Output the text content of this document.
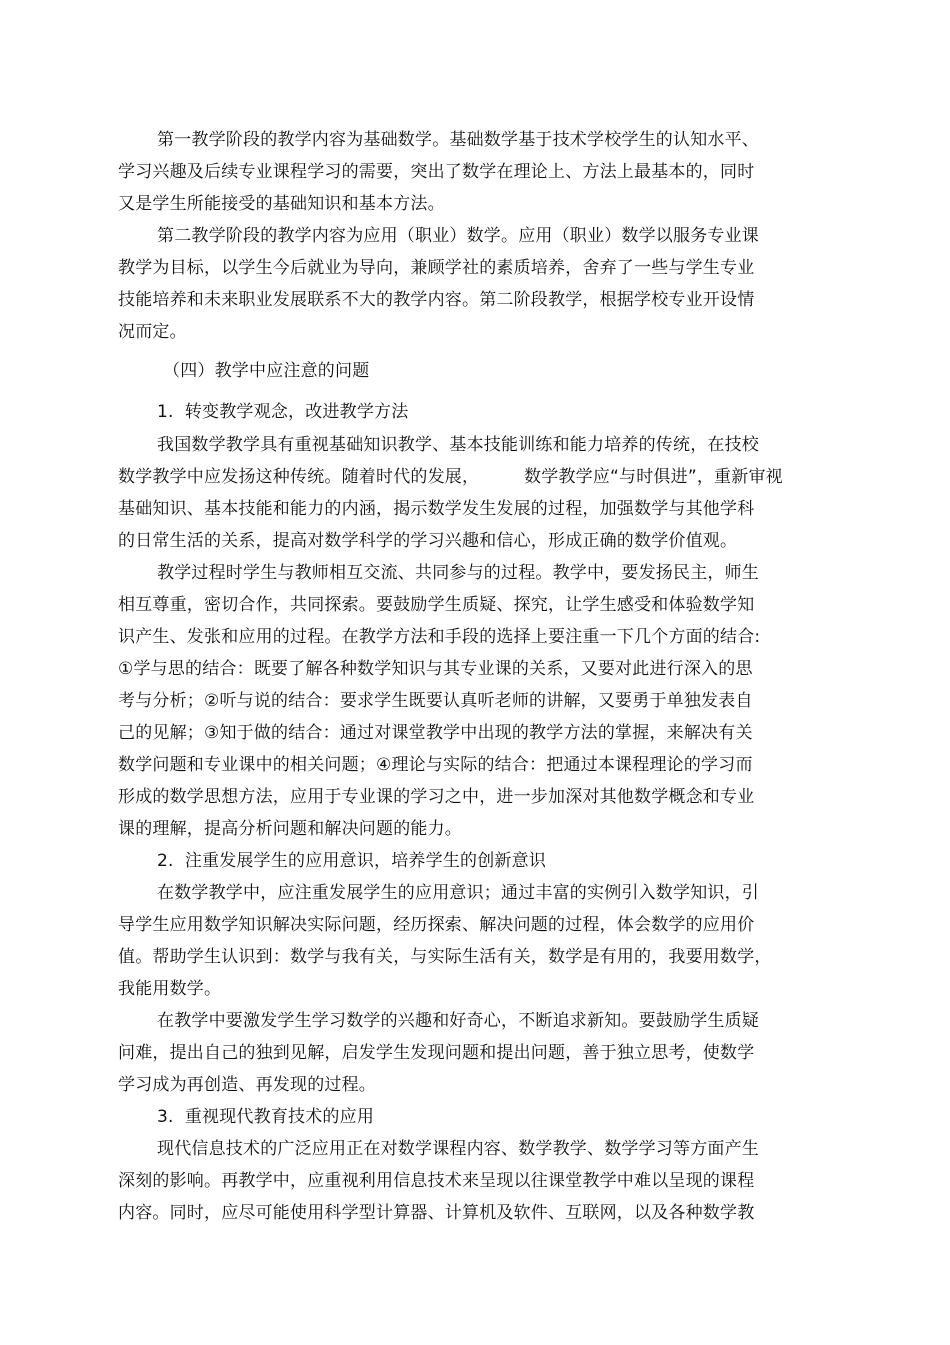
第一教学阶段的教学内容为基础数学。基础数学基于技术学校学生的认知水平、
学习兴趣及后续专业课程学习的需要，突出了数学在理论上、方法上最基本的，同时
又是学生所能接受的基础知识和基本方法。
第二教学阶段的教学内容为应用（职业）数学。应用（职业）数学以服务专业课
教学为目标，以学生今后就业为导向，兼顾学社的素质培养，舍弃了一些与学生专业
技能培养和未来职业发展联系不大的教学内容。第二阶段教学，根据学校专业开设情
况而定。
（四）教学中应注意的问题
1.  转变教学观念，改进教学方法
我国数学教学具有重视基础知识教学、基本技能训练和能力培养的传统，在技校
数学教学中应发扬这种传统。随着时代的发展，        数学教学应“与时俱进”，重新审视
基础知识、基本技能和能力的内涵，揭示数学发生发展的过程，加强数学与其他学科
的日常生活的关系，提高对数学科学的学习兴趣和信心，形成正确的数学价值观。
教学过程时学生与教师相互交流、共同参与的过程。教学中，要发扬民主，师生
相互尊重，密切合作，共同探索。要鼓励学生质疑、探究，让学生感受和体验数学知
识产生、发张和应用的过程。在教学方法和手段的选择上要注重一下几个方面的结合:
①学与思的结合：既要了解各种数学知识与其专业课的关系，又要对此进行深入的思
考与分析；②听与说的结合：要求学生既要认真听老师的讲解，又要勇于单独发表自
己的见解；③知于做的结合：通过对课堂教学中出现的教学方法的掌握，来解决有关
数学问题和专业课中的相关问题；④理论与实际的结合：把通过本课程理论的学习而
形成的数学思想方法，应用于专业课的学习之中，进一步加深对其他数学概念和专业
课的理解，提高分析问题和解决问题的能力。
2.  注重发展学生的应用意识，培养学生的创新意识
在数学教学中，应注重发展学生的应用意识；通过丰富的实例引入数学知识，引
导学生应用数学知识解决实际问题，经历探索、解决问题的过程，体会数学的应用价
值。帮助学生认识到：数学与我有关，与实际生活有关，数学是有用的，我要用数学，
我能用数学。
在教学中要激发学生学习数学的兴趣和好奇心，不断追求新知。要鼓励学生质疑
问难，提出自己的独到见解，启发学生发现问题和提出问题，善于独立思考，使数学
学习成为再创造、再发现的过程。
3.  重视现代教育技术的应用
现代信息技术的广泛应用正在对数学课程内容、数学教学、数学学习等方面产生
深刻的影响。再教学中，应重视利用信息技术来呈现以往课堂教学中难以呈现的课程
内容。同时，应尽可能使用科学型计算器、计算机及软件、互联网，以及各种数学教
